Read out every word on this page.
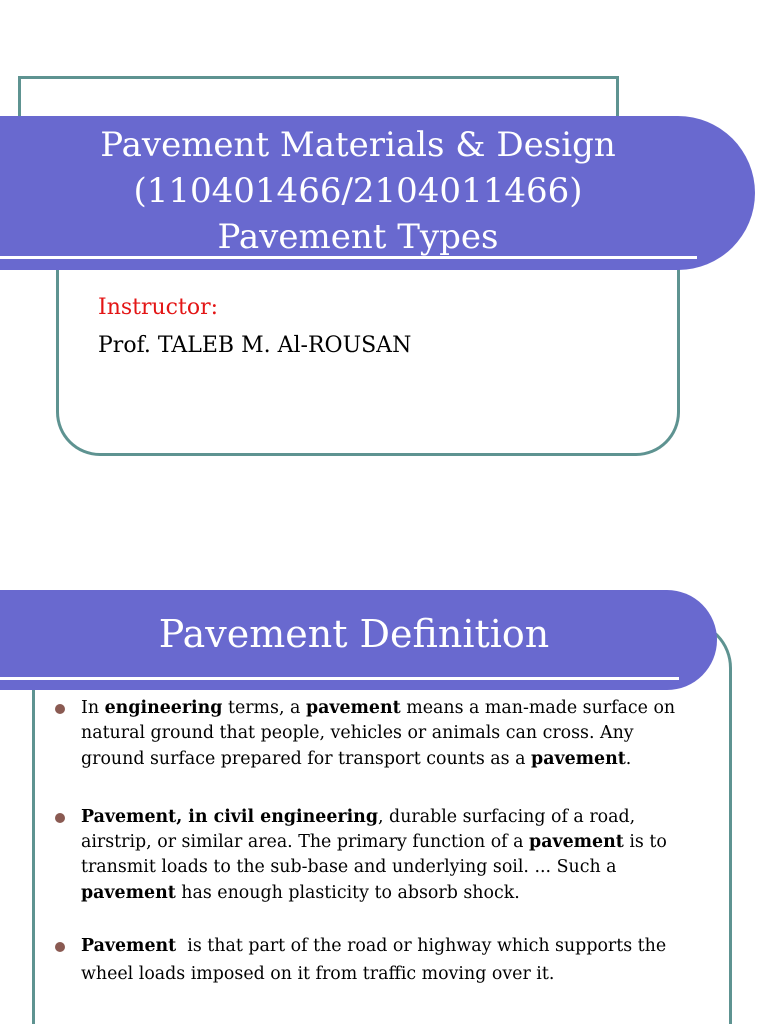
Pavement Materials & Design
(110401466/2104011466)
Pavement Types
Instructor:
Prof. TALEB M. Al-ROUSAN
Pavement Definition
In engineering terms, a pavement means a man-made surface on natural ground that people, vehicles or animals can cross. Any ground surface prepared for transport counts as a pavement.
Pavement, in civil engineering, durable surfacing of a road, airstrip, or similar area. The primary function of a pavement is to transmit loads to the sub-base and underlying soil. ... Such a pavement has enough plasticity to absorb shock.
Pavement  is that part of the road or highway which supports the wheel loads imposed on it from traffic moving over it.
